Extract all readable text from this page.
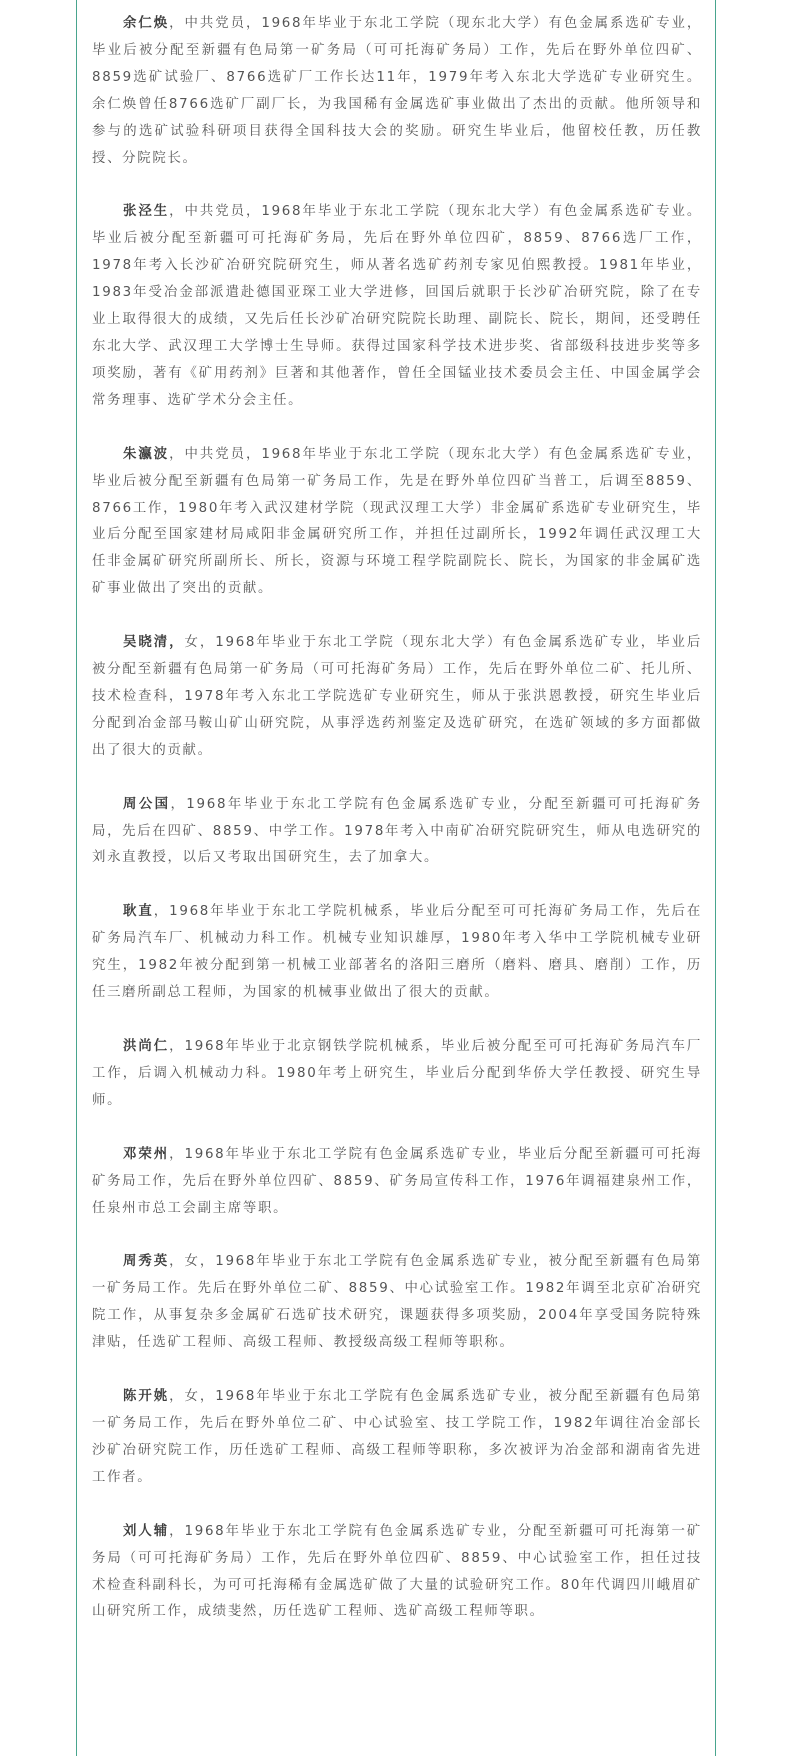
余仁焕，中共党员，1968年毕业于东北工学院（现东北大学）有色金属系选矿专业，毕业后被分配至新疆有色局第一矿务局（可可托海矿务局）工作，先后在野外单位四矿、8859选矿试验厂、8766选矿厂工作长达11年，1979年考入东北大学选矿专业研究生。余仁焕曾任8766选矿厂副厂长，为我国稀有金属选矿事业做出了杰出的贡献。他所领导和参与的选矿试验科研项目获得全国科技大会的奖励。研究生毕业后，他留校任教，历任教授、分院院长。

张泾生，中共党员，1968年毕业于东北工学院（现东北大学）有色金属系选矿专业。毕业后被分配至新疆可可托海矿务局，先后在野外单位四矿，8859、8766选厂工作，1978年考入长沙矿冶研究院研究生，师从著名选矿药剂专家见伯熙教授。1981年毕业，1983年受冶金部派遣赴德国亚琛工业大学进修，回国后就职于长沙矿冶研究院，除了在专业上取得很大的成绩，又先后任长沙矿冶研究院院长助理、副院长、院长，期间，还受聘任东北大学、武汉理工大学博士生导师。获得过国家科学技术进步奖、省部级科技进步奖等多项奖励，著有《矿用药剂》巨著和其他著作，曾任全国锰业技术委员会主任、中国金属学会常务理事、选矿学术分会主任。

朱瀛波，中共党员，1968年毕业于东北工学院（现东北大学）有色金属系选矿专业，毕业后被分配至新疆有色局第一矿务局工作，先是在野外单位四矿当普工，后调至8859、8766工作，1980年考入武汉建材学院（现武汉理工大学）非金属矿系选矿专业研究生，毕业后分配至国家建材局咸阳非金属研究所工作，并担任过副所长，1992年调任武汉理工大任非金属矿研究所副所长、所长，资源与环境工程学院副院长、院长，为国家的非金属矿选矿事业做出了突出的贡献。

吴晓清，女，1968年毕业于东北工学院（现东北大学）有色金属系选矿专业，毕业后被分配至新疆有色局第一矿务局（可可托海矿务局）工作，先后在野外单位二矿、托儿所、技术检查科，1978年考入东北工学院选矿专业研究生，师从于张洪恩教授，研究生毕业后分配到冶金部马鞍山矿山研究院，从事浮选药剂鉴定及选矿研究，在选矿领域的多方面都做出了很大的贡献。

周公国，1968年毕业于东北工学院有色金属系选矿专业，分配至新疆可可托海矿务局，先后在四矿、8859、中学工作。1978年考入中南矿冶研究院研究生，师从电选研究的刘永直教授，以后又考取出国研究生，去了加拿大。

耿直，1968年毕业于东北工学院机械系，毕业后分配至可可托海矿务局工作，先后在矿务局汽车厂、机械动力科工作。机械专业知识雄厚，1980年考入华中工学院机械专业研究生，1982年被分配到第一机械工业部著名的洛阳三磨所（磨料、磨具、磨削）工作，历任三磨所副总工程师，为国家的机械事业做出了很大的贡献。

洪尚仁，1968年毕业于北京钢铁学院机械系，毕业后被分配至可可托海矿务局汽车厂工作，后调入机械动力科。1980年考上研究生，毕业后分配到华侨大学任教授、研究生导师。

邓荣州，1968年毕业于东北工学院有色金属系选矿专业，毕业后分配至新疆可可托海矿务局工作，先后在野外单位四矿、8859、矿务局宣传科工作，1976年调福建泉州工作，任泉州市总工会副主席等职。

周秀英，女，1968年毕业于东北工学院有色金属系选矿专业，被分配至新疆有色局第一矿务局工作。先后在野外单位二矿、8859、中心试验室工作。1982年调至北京矿冶研究院工作，从事复杂多金属矿石选矿技术研究，课题获得多项奖励，2004年享受国务院特殊津贴，任选矿工程师、高级工程师、教授级高级工程师等职称。

陈开姚，女，1968年毕业于东北工学院有色金属系选矿专业，被分配至新疆有色局第一矿务局工作，先后在野外单位二矿、中心试验室、技工学院工作，1982年调往冶金部长沙矿冶研究院工作，历任选矿工程师、高级工程师等职称，多次被评为冶金部和湖南省先进工作者。

刘人辅，1968年毕业于东北工学院有色金属系选矿专业，分配至新疆可可托海第一矿务局（可可托海矿务局）工作，先后在野外单位四矿、8859、中心试验室工作，担任过技术检查科副科长，为可可托海稀有金属选矿做了大量的试验研究工作。80年代调四川峨眉矿山研究所工作，成绩斐然，历任选矿工程师、选矿高级工程师等职。
